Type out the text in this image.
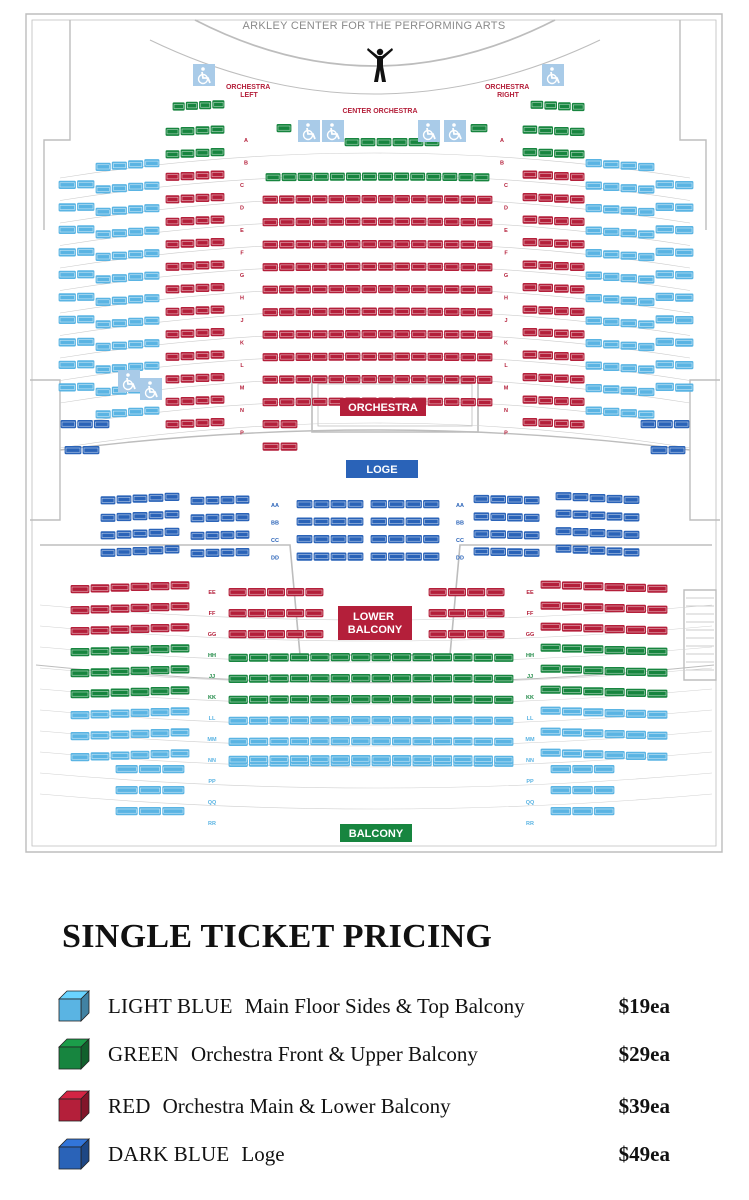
A	A
B	B
C	C
D	D
E	E
F	F
G	G
H	H
J	J
K	K
L	L
M	M
N	N
P	P
AA	AA
BB	BB
CC	CC
DD	DD
EE	EE
FF	FF
GG	GG
HH	HH
JJ	JJ
KK	KK
LL	LL
MM	MM
NN	NN
PP	PP
QQ	QQ
RR	RR
ARKLEY CENTER FOR THE PERFORMING ARTS
ORCHESTRA LEFT
ORCHESTRA RIGHT
CENTER ORCHESTRA
ORCHESTRA
LOGE
LOWER BALCONY
BALCONY
SINGLE TICKET PRICING
LIGHT BLUE Main Floor Sides & Top Balcony	$19ea
GREEN Orchestra Front & Upper Balcony	$29ea
RED Orchestra Main & Lower Balcony	$39ea
DARK BLUE Loge	$49ea
